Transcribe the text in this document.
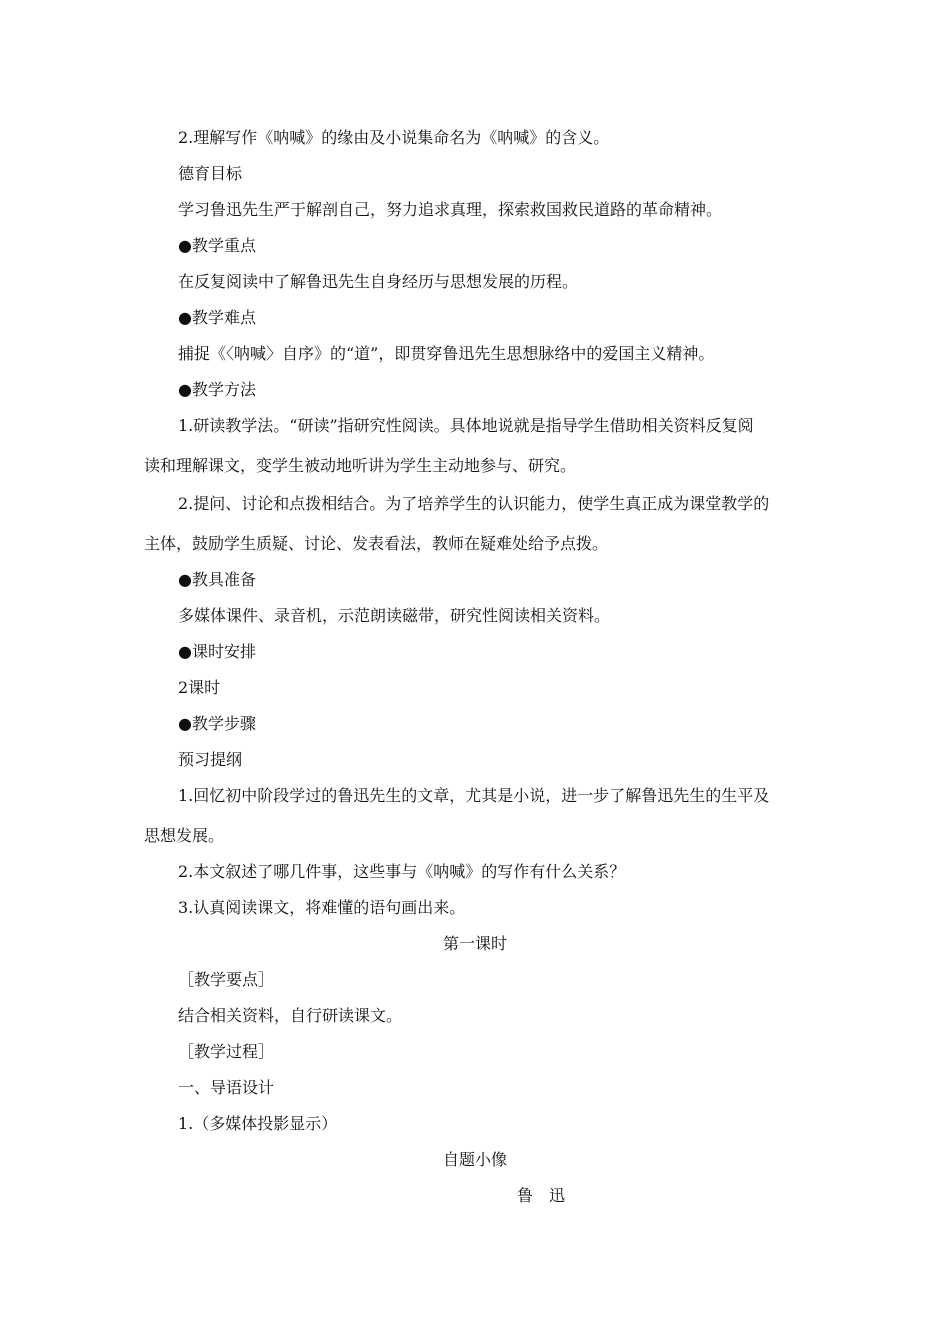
2.理解写作《呐喊》的缘由及小说集命名为《呐喊》的含义。
德育目标
学习鲁迅先生严于解剖自己，努力追求真理，探索救国救民道路的革命精神。
●教学重点
在反复阅读中了解鲁迅先生自身经历与思想发展的历程。
●教学难点
捕捉《〈呐喊〉自序》的“道”，即贯穿鲁迅先生思想脉络中的爱国主义精神。
●教学方法
1.研读教学法。“研读”指研究性阅读。具体地说就是指导学生借助相关资料反复阅
读和理解课文，变学生被动地听讲为学生主动地参与、研究。
2.提问、讨论和点拨相结合。为了培养学生的认识能力，使学生真正成为课堂教学的
主体，鼓励学生质疑、讨论、发表看法，教师在疑难处给予点拨。
●教具准备
多媒体课件、录音机，示范朗读磁带，研究性阅读相关资料。
●课时安排
2课时
●教学步骤
预习提纲
1.回忆初中阶段学过的鲁迅先生的文章，尤其是小说，进一步了解鲁迅先生的生平及
思想发展。
2.本文叙述了哪几件事，这些事与《呐喊》的写作有什么关系？
3.认真阅读课文，将难懂的语句画出来。
第一课时
［教学要点］
结合相关资料，自行研读课文。
［教学过程］
一、导语设计
1.（多媒体投影显示）
自题小像
鲁　迅
